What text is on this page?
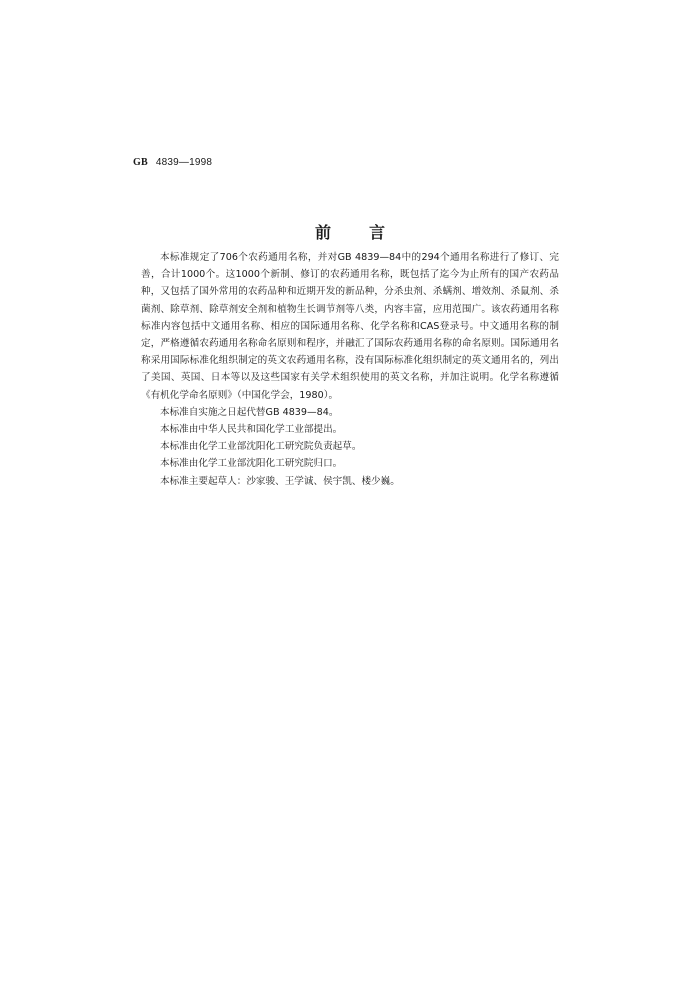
GB 4839—1998
前言

本标准规定了706个农药通用名称，并对GB 4839—84中的294个通用名称进行了修订、完善，合计1000个。这1000个新制、修订的农药通用名称，既包括了迄今为止所有的国产农药品种，又包括了国外常用的农药品种和近期开发的新品种，分杀虫剂、杀螨剂、增效剂、杀鼠剂、杀菌剂、除草剂、除草剂安全剂和植物生长调节剂等八类，内容丰富，应用范围广。该农药通用名称标准内容包括中文通用名称、相应的国际通用名称、化学名称和CAS登录号。中文通用名称的制定，严格遵循农药通用名称命名原则和程序，并融汇了国际农药通用名称的命名原则。国际通用名称采用国际标准化组织制定的英文农药通用名称，没有国际标准化组织制定的英文通用名的，列出了美国、英国、日本等以及这些国家有关学术组织使用的英文名称，并加注说明。化学名称遵循《有机化学命名原则》（中国化学会，1980）。

本标准自实施之日起代替GB 4839—84。

本标准由中华人民共和国化学工业部提出。

本标准由化学工业部沈阳化工研究院负责起草。

本标准由化学工业部沈阳化工研究院归口。

本标准主要起草人：沙家骏、王学诚、侯宇凯、楼少巍。
